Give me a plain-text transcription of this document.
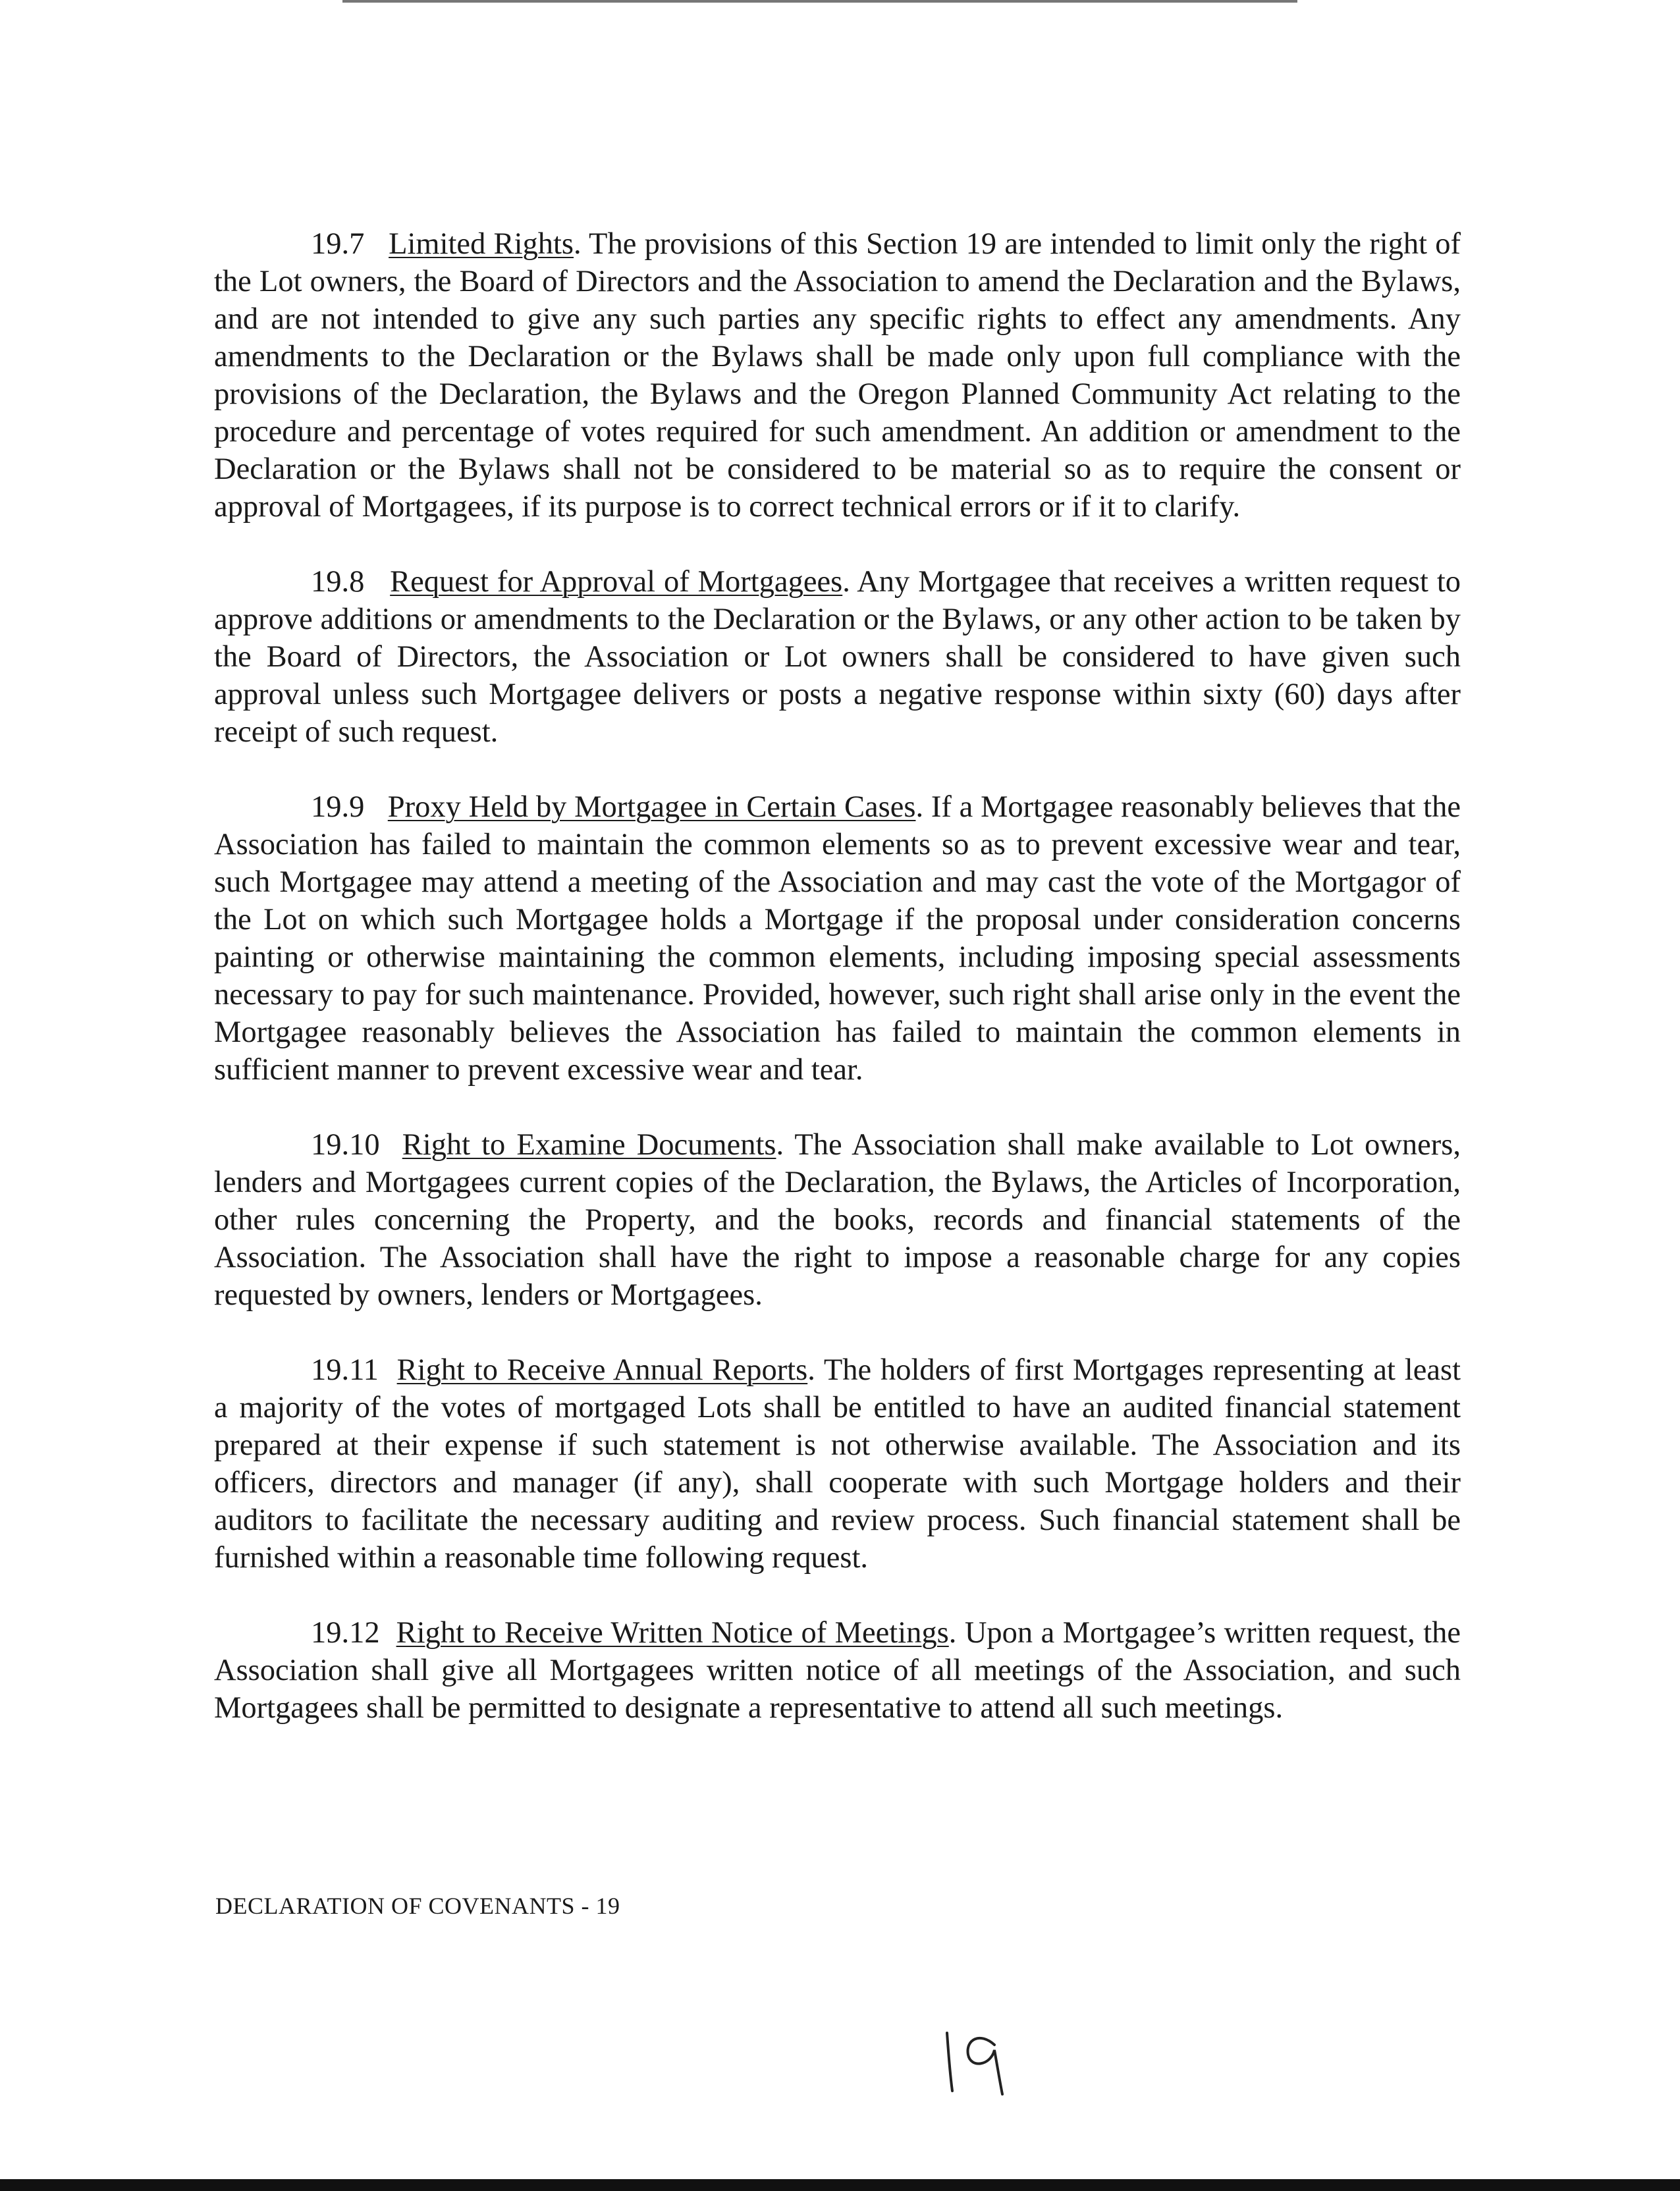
19.7 Limited Rights. The provisions of this Section 19 are intended to limit only the right of the Lot owners, the Board of Directors and the Association to amend the Declaration and the Bylaws, and are not intended to give any such parties any specific rights to effect any amendments. Any amendments to the Declaration or the Bylaws shall be made only upon full compliance with the provisions of the Declaration, the Bylaws and the Oregon Planned Community Act relating to the procedure and percentage of votes required for such amendment. An addition or amendment to the Declaration or the Bylaws shall not be considered to be material so as to require the consent or approval of Mortgagees, if its purpose is to correct technical errors or if it to clarify.

19.8 Request for Approval of Mortgagees. Any Mortgagee that receives a written request to approve additions or amendments to the Declaration or the Bylaws, or any other action to be taken by the Board of Directors, the Association or Lot owners shall be considered to have given such approval unless such Mortgagee delivers or posts a negative response within sixty (60) days after receipt of such request.

19.9 Proxy Held by Mortgagee in Certain Cases. If a Mortgagee reasonably believes that the Association has failed to maintain the common elements so as to prevent excessive wear and tear, such Mortgagee may attend a meeting of the Association and may cast the vote of the Mortgagor of the Lot on which such Mortgagee holds a Mortgage if the proposal under consideration concerns painting or otherwise maintaining the common elements, including imposing special assessments necessary to pay for such maintenance. Provided, however, such right shall arise only in the event the Mortgagee reasonably believes the Association has failed to maintain the common elements in sufficient manner to prevent excessive wear and tear.

19.10 Right to Examine Documents. The Association shall make available to Lot owners, lenders and Mortgagees current copies of the Declaration, the Bylaws, the Articles of Incorporation, other rules concerning the Property, and the books, records and financial statements of the Association. The Association shall have the right to impose a reasonable charge for any copies requested by owners, lenders or Mortgagees.

19.11 Right to Receive Annual Reports. The holders of first Mortgages representing at least a majority of the votes of mortgaged Lots shall be entitled to have an audited financial statement prepared at their expense if such statement is not otherwise available. The Association and its officers, directors and manager (if any), shall cooperate with such Mortgage holders and their auditors to facilitate the necessary auditing and review process. Such financial statement shall be furnished within a reasonable time following request.

19.12 Right to Receive Written Notice of Meetings. Upon a Mortgagee’s written request, the Association shall give all Mortgagees written notice of all meetings of the Association, and such Mortgagees shall be permitted to designate a representative to attend all such meetings.

DECLARATION OF COVENANTS - 19
